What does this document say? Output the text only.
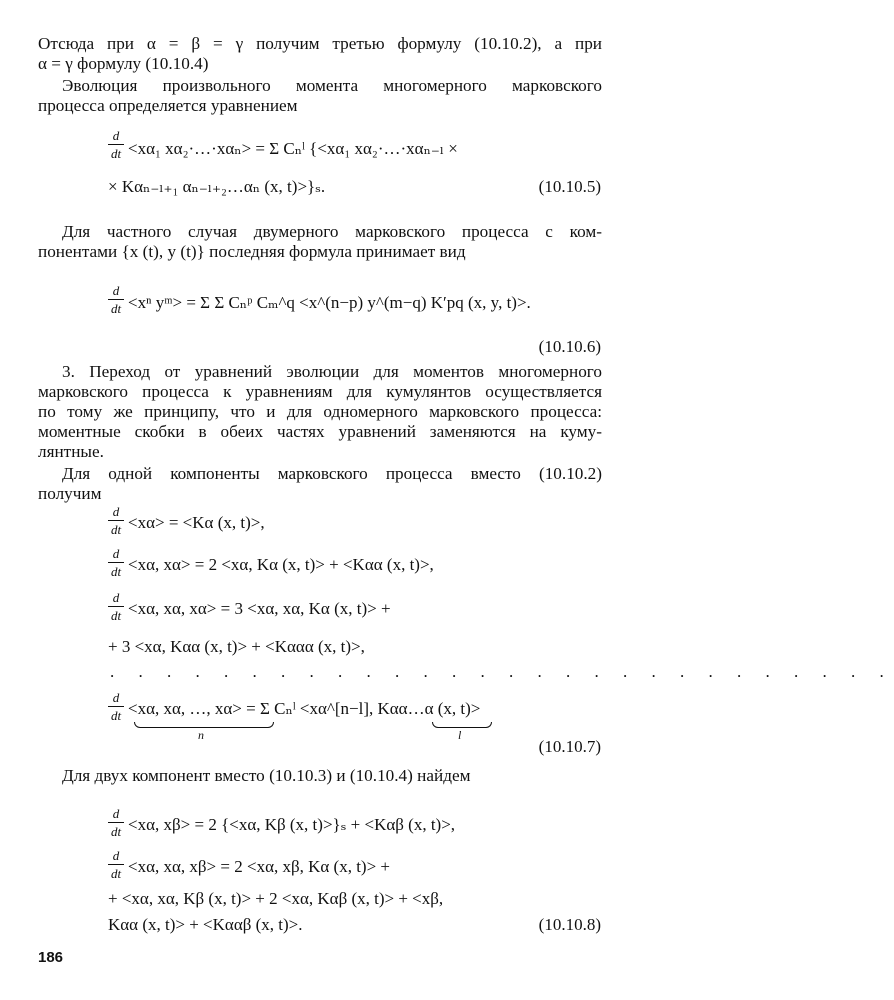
Отсюда при α = β = γ получим третью формулу (10.10.2), а при
α = γ формулу (10.10.4)
Эволюция произвольного момента многомерного марковского
процесса определяется уравнением
d
dt <xα₁ xα₂·…·xαₙ> = Σ Cₙˡ {<xα₁ xα₂·…·xαₙ₋ₗ ×
× Kαₙ₋ₗ₊₁ αₙ₋ₗ₊₂…αₙ (x, t)>}ₛ.	(10.10.5)
Для частного случая двумерного марковского процесса с ком-
понентами {x (t), y (t)} последняя формула принимает вид
d
dt <xⁿ yᵐ> = Σ Σ Cₙᵖ Cₘ^q <x^(n−p) y^(m−q) K′pq (x, y, t)>.
(10.10.6)
3. Переход от уравнений эволюции для моментов многомерного
марковского процесса к уравнениям для кумулянтов осуществляется
по тому же принципу, что и для одномерного марковского процесса:
моментные скобки в обеих частях уравнений заменяются на куму-
лянтные.
Для одной компоненты марковского процесса вместо (10.10.2)
получим
d
dt <xα> = <Kα (x, t)>,
d
dt <xα, xα> = 2 <xα, Kα (x, t)> + <Kαα (x, t)>,
d
dt <xα, xα, xα> = 3 <xα, xα, Kα (x, t)> +
+ 3 <xα, Kαα (x, t)> + <Kααα (x, t)>,
. . . . . . . . . . . . . . . . . . . . . . . . . . . .
d
dt <xα, xα, …, xα> = Σ Cₙˡ <xα^[n−l], Kαα…α (x, t)>
n	l
(10.10.7)
Для двух компонент вместо (10.10.3) и (10.10.4) найдем
d
dt <xα, xβ> = 2 {<xα, Kβ (x, t)>}ₛ + <Kαβ (x, t)>,
d
dt <xα, xα, xβ> = 2 <xα, xβ, Kα (x, t)> +
+ <xα, xα, Kβ (x, t)> + 2 <xα, Kαβ (x, t)> + <xβ,
Kαα (x, t)> + <Kααβ (x, t)>.	(10.10.8)
186
